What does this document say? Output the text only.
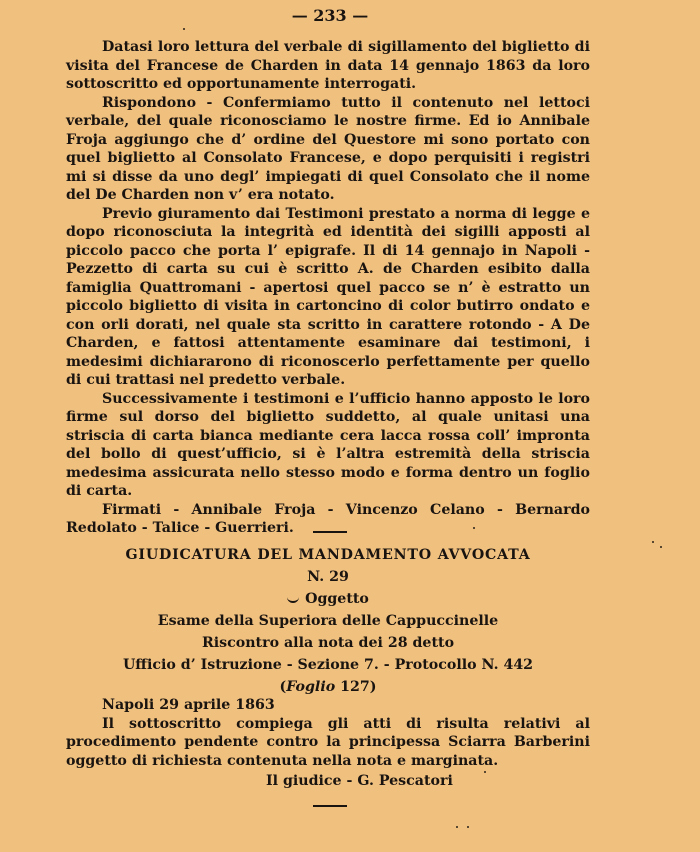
— 233 —

Datasi loro lettura del verbale di sigillamento del biglietto di visita del Francese de Charden in data 14 gennajo 1863 da loro sottoscritto ed opportunamente interrogati.

Rispondono - Confermiamo tutto il contenuto nel lettoci verbale, del quale riconosciamo le nostre firme. Ed io Annibale Froja aggiungo che d’ ordine del Questore mi sono portato con quel biglietto al Consolato Francese, e dopo perquisiti i registri mi si disse da uno degl’ impiegati di quel Consolato che il nome del De Charden non v’ era notato.

Previo giuramento dai Testimoni prestato a norma di legge e dopo riconosciuta la integrità ed identità dei sigilli apposti al piccolo pacco che porta l’ epigrafe. Il di 14 gennajo in Napoli - Pezzetto di carta su cui è scritto A. de Charden esibito dalla famiglia Quattromani - apertosi quel pacco se n’ è estratto un piccolo biglietto di visita in cartoncino di color butirro ondato e con orli dorati, nel quale sta scritto in carattere rotondo - A De Charden, e fattosi attentamente esaminare dai testimoni, i medesimi dichiararono di riconoscerlo perfettamente per quello di cui trattasi nel predetto verbale.

Successivamente i testimoni e l’ufficio hanno apposto le loro firme sul dorso del biglietto suddetto, al quale unitasi una striscia di carta bianca mediante cera lacca rossa coll’ impronta del bollo di quest’ufficio, si è l’altra estremità della striscia medesima assicurata nello stesso modo e forma dentro un foglio di carta.

Firmati - Annibale Froja - Vincenzo Celano - Bernardo Redolato - Talice - Guerrieri.

GIUDICATURA DEL MANDAMENTO AVVOCATA

N. 29

Oggetto

Esame della Superiora delle Cappuccinelle

Riscontro alla nota dei 28 detto

Ufficio d’ Istruzione - Sezione 7. - Protocollo N. 442

(Foglio 127)

Napoli 29 aprile 1863

Il sottoscritto compiega gli atti di risulta relativi al procedimento pendente contro la principessa Sciarra Barberini oggetto di richiesta contenuta nella nota e marginata.

Il giudice - G. Pescatori
